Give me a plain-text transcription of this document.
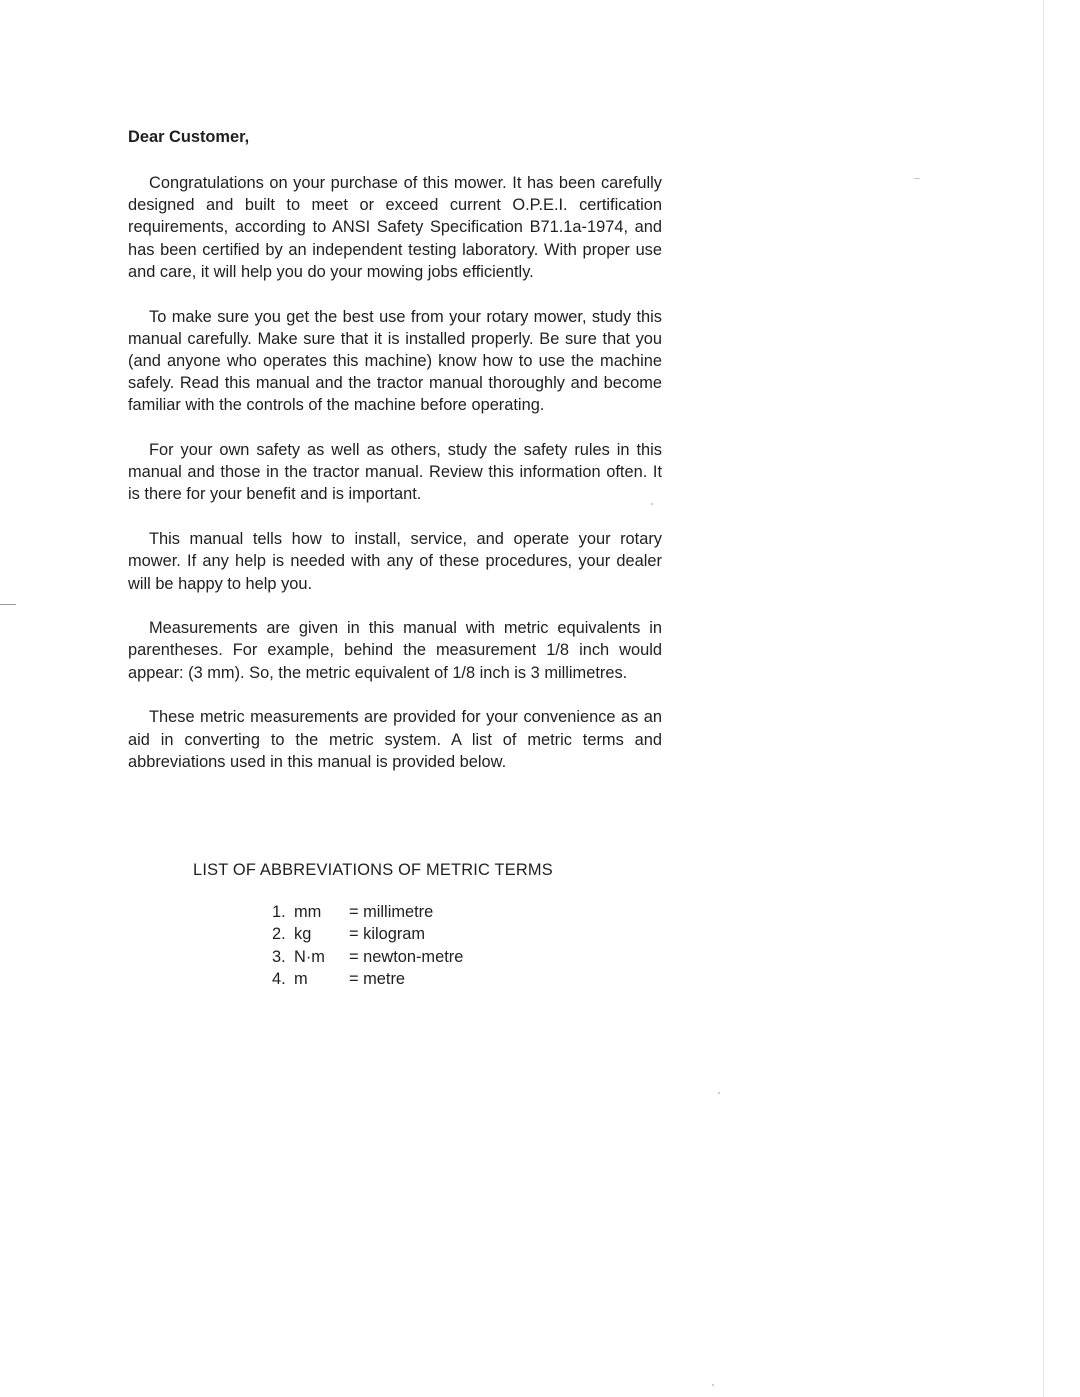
Dear Customer,

Congratulations on your purchase of this mower. It has been carefully designed and built to meet or exceed current O.P.E.I. certification requirements, according to ANSI Safety Specification B71.1a-1974, and has been certified by an independent testing laboratory. With proper use and care, it will help you do your mowing jobs efficiently.

To make sure you get the best use from your rotary mower, study this manual carefully. Make sure that it is installed properly. Be sure that you (and anyone who operates this machine) know how to use the machine safely. Read this manual and the tractor manual thoroughly and become familiar with the controls of the machine before operating.

For your own safety as well as others, study the safety rules in this manual and those in the tractor manual. Review this information often. It is there for your benefit and is important.

This manual tells how to install, service, and operate your rotary mower. If any help is needed with any of these procedures, your dealer will be happy to help you.

Measurements are given in this manual with metric equivalents in parentheses. For example, behind the measurement 1/8 inch would appear: (3 mm). So, the metric equivalent of 1/8 inch is 3 millimetres.

These metric measurements are provided for your convenience as an aid in converting to the metric system. A list of metric terms and abbreviations used in this manual is provided below.

LIST OF ABBREVIATIONS OF METRIC TERMS
1. mm	= millimetre
2. kg	= kilogram
3. N·m	= newton-metre
4. m	= metre
